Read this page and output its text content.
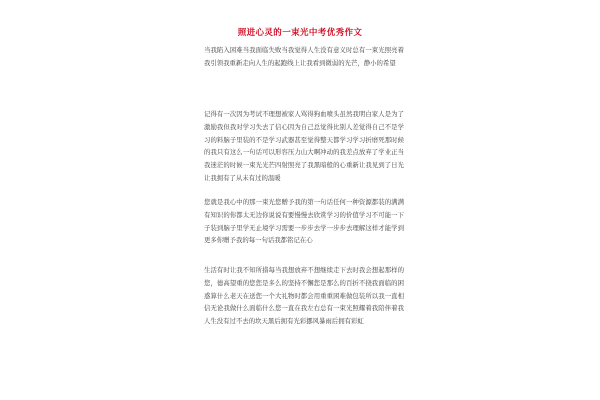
照进心灵的一束光中考优秀作文
当我陷入困难当我面临失败当我觉得人生没有意义时总有一束光照亮着我引领我重新走向人生的起跑线上让我看到微弱的光芒，静小的希望
记得有一次因为考试不理想被家人骂得狗血喷头虽然我明白家人是为了激励我但我对学习失去了信心因为自己总觉得比别人差觉得自己不是学习的料脑子里装的不是学习武器甚至觉得整天都学习学习折磨死那时候的我只有这么一句话可以形容压力山大啊冲动的我差点放弃了学业正当我迷茫的时候一束光光芒四射照亮了我黑暗般的心重新让我见到了日光让我拥有了从未有过的温暖
您就是我心中的那一束光您赠予我的第一句话任何一种资源都装的满满有知识的你都太无边你说说有要慢慢去欣赏学习的价值学习不可能一下子装到脑子里学无止境学习需要一步步去学一步步去理解这样才能学到更多你赠予我的每一句话我都铭记在心
生活有时让我不知所措每当我想放弃不想继续走下去时我会想起那样的您，德高望重的您您是多么的坚持不懈您是那么的百折不挠我面临的困惑算什么老天在送您一个大礼物时都会用重重困难做包装所以我一直相信无论我做什么面临什么您一直在我左右总有一束光照耀着我陪伴着我人生没有过不去的坎天黑后拥有光彩挪风暴雨后拥有彩虹
